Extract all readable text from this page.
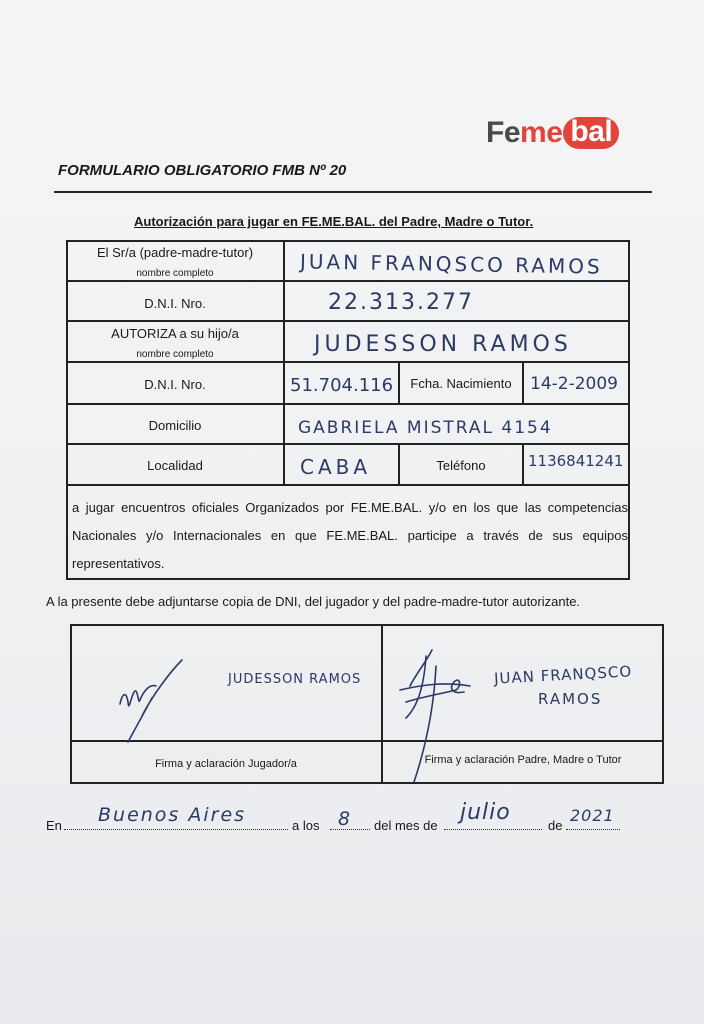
Fe me bal
FORMULARIO OBLIGATORIO FMB Nº 20
Autorización para jugar en FE.ME.BAL. del Padre, Madre o Tutor.
El Sr/a (padre-madre-tutor)
nombre completo	JUAN FRANQSCO RAMOS
D.N.I. Nro.	22.313.277
AUTORIZA a su hijo/a
nombre completo	JUDESSON RAMOS
D.N.I. Nro.	51.704.116	Fcha. Nacimiento	14-2-2009
Domicilio	GABRIELA MISTRAL 4154
Localidad	CABA	Teléfono	1136841241
a jugar encuentros oficiales Organizados por FE.ME.BAL. y/o en los que las competencias Nacionales y/o Internacionales en que FE.ME.BAL. participe a través de sus equipos representativos.
A la presente debe adjuntarse copia de DNI, del jugador y del padre-madre-tutor autorizante.
JUDESSON RAMOS	JUAN FRANQSCO
RAMOS
Firma y aclaración Jugador/a	Firma y aclaración Padre, Madre o Tutor
En Buenos Aires	a los 8 del mes de
julio
de
2021
